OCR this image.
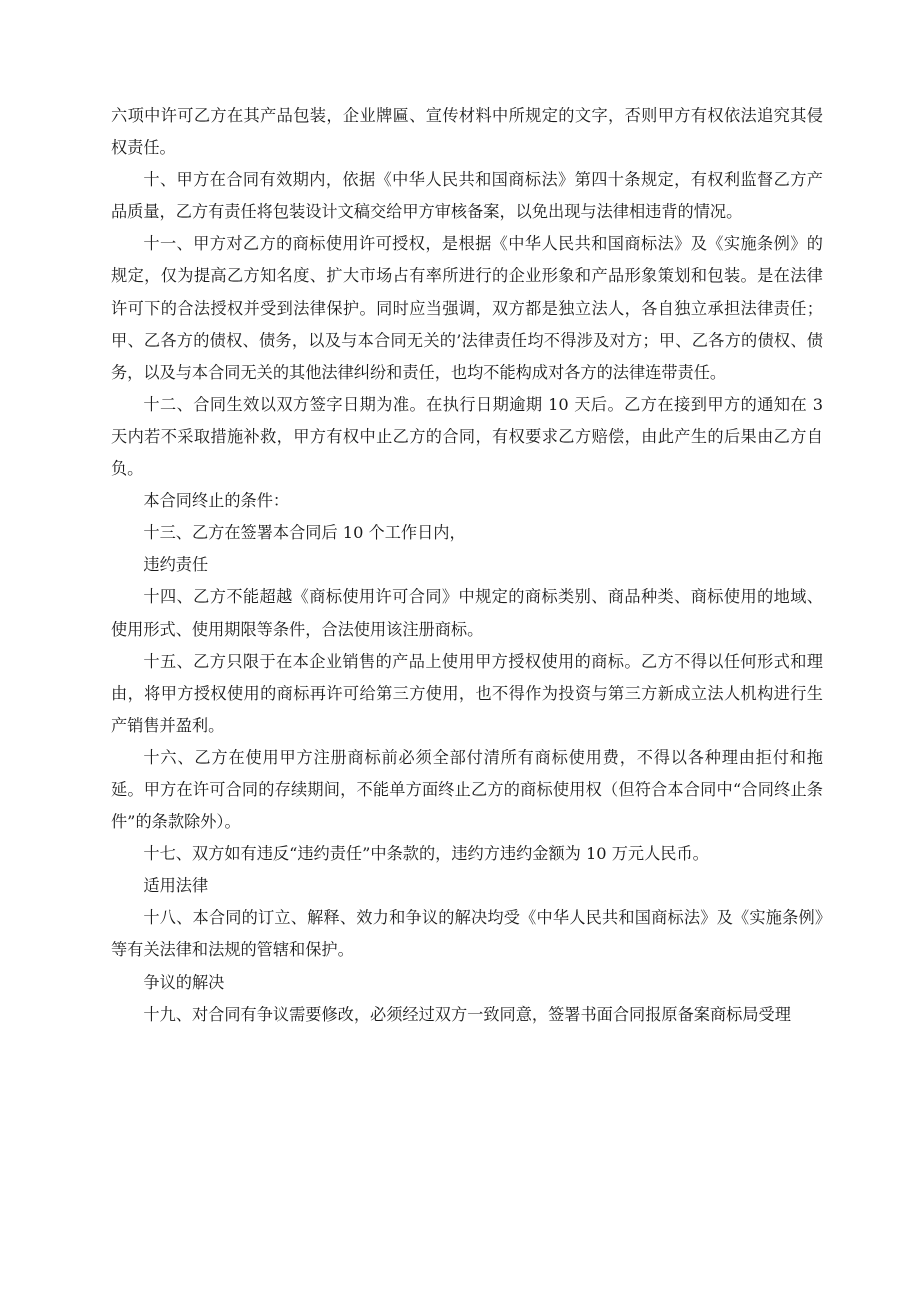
六项中许可乙方在其产品包装，企业牌匾、宣传材料中所规定的文字，否则甲方有权依法追究其侵权责任。

十、甲方在合同有效期内，依据《中华人民共和国商标法》第四十条规定，有权利监督乙方产品质量，乙方有责任将包装设计文稿交给甲方审核备案，以免出现与法律相违背的情况。

十一、甲方对乙方的商标使用许可授权，是根据《中华人民共和国商标法》及《实施条例》的规定，仅为提高乙方知名度、扩大市场占有率所进行的企业形象和产品形象策划和包装。是在法律许可下的合法授权并受到法律保护。同时应当强调，双方都是独立法人，各自独立承担法律责任；甲、乙各方的债权、债务，以及与本合同无关的’法律责任均不得涉及对方；甲、乙各方的债权、债务，以及与本合同无关的其他法律纠纷和责任，也均不能构成对各方的法律连带责任。

十二、合同生效以双方签字日期为准。在执行日期逾期 10 天后。乙方在接到甲方的通知在 3 天内若不采取措施补救，甲方有权中止乙方的合同，有权要求乙方赔偿，由此产生的后果由乙方自负。

本合同终止的条件：

十三、乙方在签署本合同后 10 个工作日内，

违约责任

十四、乙方不能超越《商标使用许可合同》中规定的商标类别、商品种类、商标使用的地域、使用形式、使用期限等条件，合法使用该注册商标。

十五、乙方只限于在本企业销售的产品上使用甲方授权使用的商标。乙方不得以任何形式和理由，将甲方授权使用的商标再许可给第三方使用，也不得作为投资与第三方新成立法人机构进行生产销售并盈利。

十六、乙方在使用甲方注册商标前必须全部付清所有商标使用费，不得以各种理由拒付和拖延。甲方在许可合同的存续期间，不能单方面终止乙方的商标使用权（但符合本合同中“合同终止条件”的条款除外）。

十七、双方如有违反“违约责任”中条款的，违约方违约金额为 10 万元人民币。

适用法律

十八、本合同的订立、解释、效力和争议的解决均受《中华人民共和国商标法》及《实施条例》等有关法律和法规的管辖和保护。

争议的解决

十九、对合同有争议需要修改，必须经过双方一致同意，签署书面合同报原备案商标局受理
